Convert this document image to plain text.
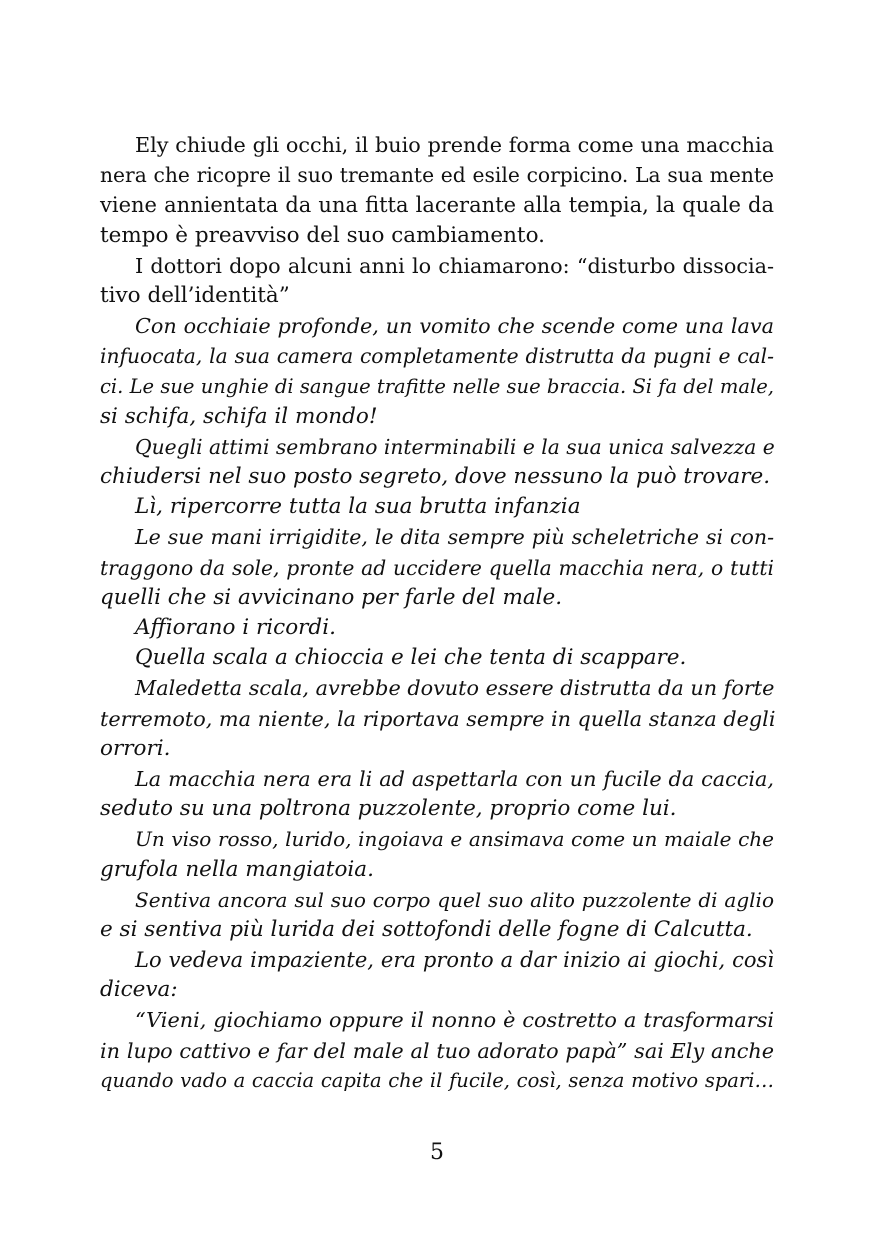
Ely chiude gli occhi, il buio prende forma come una macchia
nera che ricopre il suo tremante ed esile corpicino. La sua mente
viene annientata da una fitta lacerante alla tempia, la quale da
tempo è preavviso del suo cambiamento.
I dottori dopo alcuni anni lo chiamarono: “disturbo dissocia-
tivo dell’identità”
Con occhiaie profonde, un vomito che scende come una lava
infuocata, la sua camera completamente distrutta da pugni e cal-
ci. Le sue unghie di sangue trafitte nelle sue braccia. Si fa del male,
si schifa, schifa il mondo!
Quegli attimi sembrano interminabili e la sua unica salvezza e
chiudersi nel suo posto segreto, dove nessuno la può trovare.
Lì, ripercorre tutta la sua brutta infanzia
Le sue mani irrigidite, le dita sempre più scheletriche si con-
traggono da sole, pronte ad uccidere quella macchia nera, o tutti
quelli che si avvicinano per farle del male.
Affiorano i ricordi.
Quella scala a chioccia e lei che tenta di scappare.
Maledetta scala, avrebbe dovuto essere distrutta da un forte
terremoto, ma niente, la riportava sempre in quella stanza degli
orrori.
La macchia nera era li ad aspettarla con un fucile da caccia,
seduto su una poltrona puzzolente, proprio come lui.
Un viso rosso, lurido, ingoiava e ansimava come un maiale che
grufola nella mangiatoia.
Sentiva ancora sul suo corpo quel suo alito puzzolente di aglio
e si sentiva più lurida dei sottofondi delle fogne di Calcutta.
Lo vedeva impaziente, era pronto a dar inizio ai giochi, così
diceva:
“Vieni, giochiamo oppure il nonno è costretto a trasformarsi
in lupo cattivo e far del male al tuo adorato papà” sai Ely anche
quando vado a caccia capita che il fucile, così, senza motivo spari…
5
